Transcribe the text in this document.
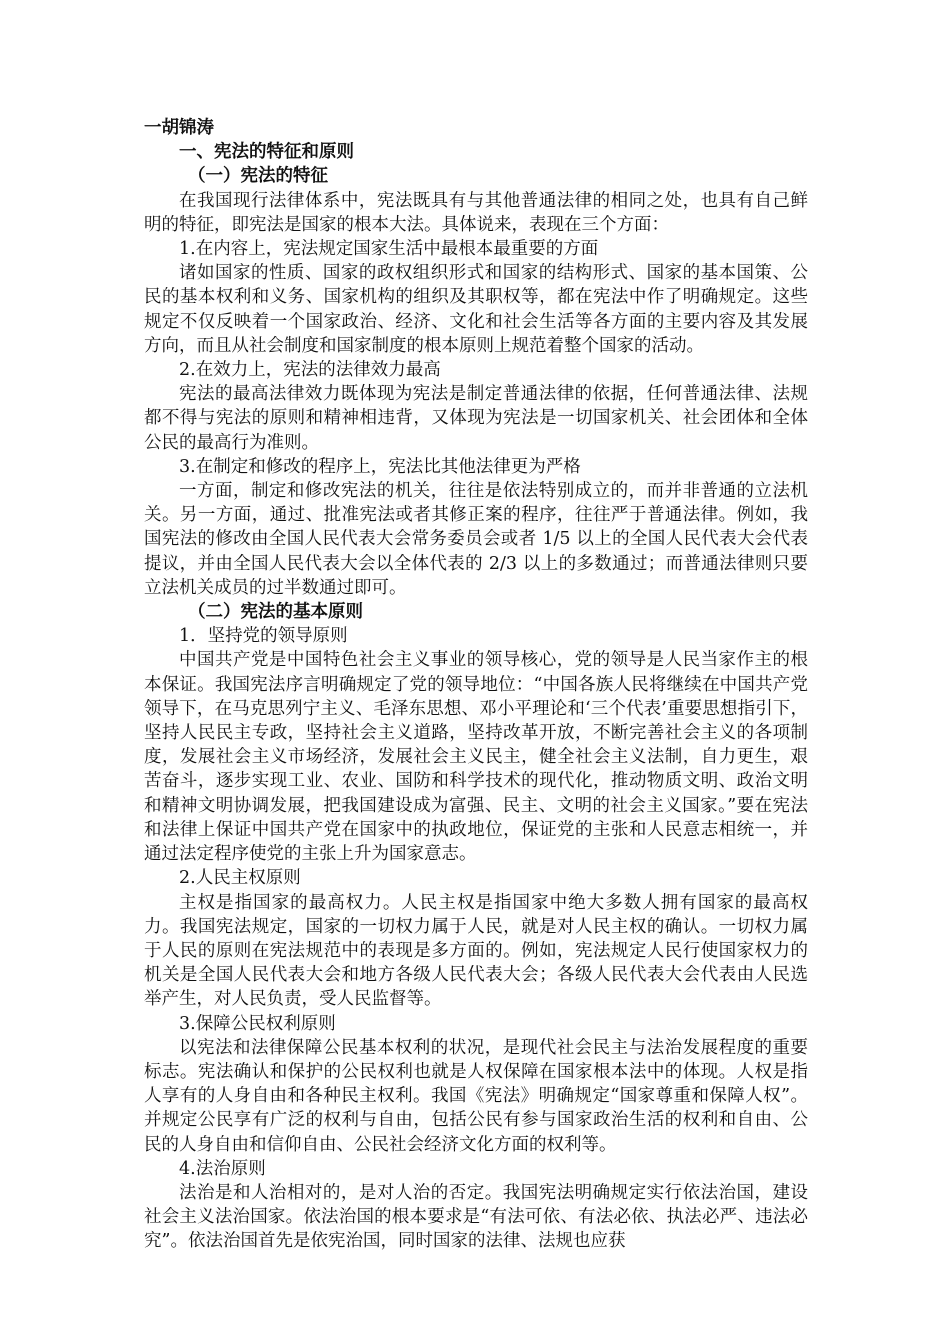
一胡锦涛

一、宪法的特征和原则

（一）宪法的特征

在我国现行法律体系中，宪法既具有与其他普通法律的相同之处，也具有自己鲜明的特征，即宪法是国家的根本大法。具体说来，表现在三个方面：

1.在内容上，宪法规定国家生活中最根本最重要的方面

诸如国家的性质、国家的政权组织形式和国家的结构形式、国家的基本国策、公民的基本权利和义务、国家机构的组织及其职权等，都在宪法中作了明确规定。这些规定不仅反映着一个国家政治、经济、文化和社会生活等各方面的主要内容及其发展方向，而且从社会制度和国家制度的根本原则上规范着整个国家的活动。

2.在效力上，宪法的法律效力最高

宪法的最高法律效力既体现为宪法是制定普通法律的依据，任何普通法律、法规都不得与宪法的原则和精神相违背，又体现为宪法是一切国家机关、社会团体和全体公民的最高行为准则。

3.在制定和修改的程序上，宪法比其他法律更为严格

一方面，制定和修改宪法的机关，往往是依法特别成立的，而并非普通的立法机关。另一方面，通过、批准宪法或者其修正案的程序，往往严于普通法律。例如，我国宪法的修改由全国人民代表大会常务委员会或者 1/5 以上的全国人民代表大会代表提议，并由全国人民代表大会以全体代表的 2/3 以上的多数通过；而普通法律则只要立法机关成员的过半数通过即可。

（二）宪法的基本原则

1．坚持党的领导原则

中国共产党是中国特色社会主义事业的领导核心，党的领导是人民当家作主的根本保证。我国宪法序言明确规定了党的领导地位：“中国各族人民将继续在中国共产党领导下，在马克思列宁主义、毛泽东思想、邓小平理论和‘三个代表’重要思想指引下，坚持人民民主专政，坚持社会主义道路，坚持改革开放，不断完善社会主义的各项制度，发展社会主义市场经济，发展社会主义民主，健全社会主义法制，自力更生，艰苦奋斗，逐步实现工业、农业、国防和科学技术的现代化，推动物质文明、政治文明和精神文明协调发展，把我国建设成为富强、民主、文明的社会主义国家。”要在宪法和法律上保证中国共产党在国家中的执政地位，保证党的主张和人民意志相统一，并通过法定程序使党的主张上升为国家意志。

2.人民主权原则

主权是指国家的最高权力。人民主权是指国家中绝大多数人拥有国家的最高权力。我国宪法规定，国家的一切权力属于人民，就是对人民主权的确认。一切权力属于人民的原则在宪法规范中的表现是多方面的。例如，宪法规定人民行使国家权力的机关是全国人民代表大会和地方各级人民代表大会；各级人民代表大会代表由人民选举产生，对人民负责，受人民监督等。

3.保障公民权利原则

以宪法和法律保障公民基本权利的状况，是现代社会民主与法治发展程度的重要标志。宪法确认和保护的公民权利也就是人权保障在国家根本法中的体现。人权是指人享有的人身自由和各种民主权利。我国《宪法》明确规定“国家尊重和保障人权”。并规定公民享有广泛的权利与自由，包括公民有参与国家政治生活的权利和自由、公民的人身自由和信仰自由、公民社会经济文化方面的权利等。

4.法治原则

法治是和人治相对的，是对人治的否定。我国宪法明确规定实行依法治国，建设社会主义法治国家。依法治国的根本要求是“有法可依、有法必依、执法必严、违法必究”。依法治国首先是依宪治国，同时国家的法律、法规也应获
